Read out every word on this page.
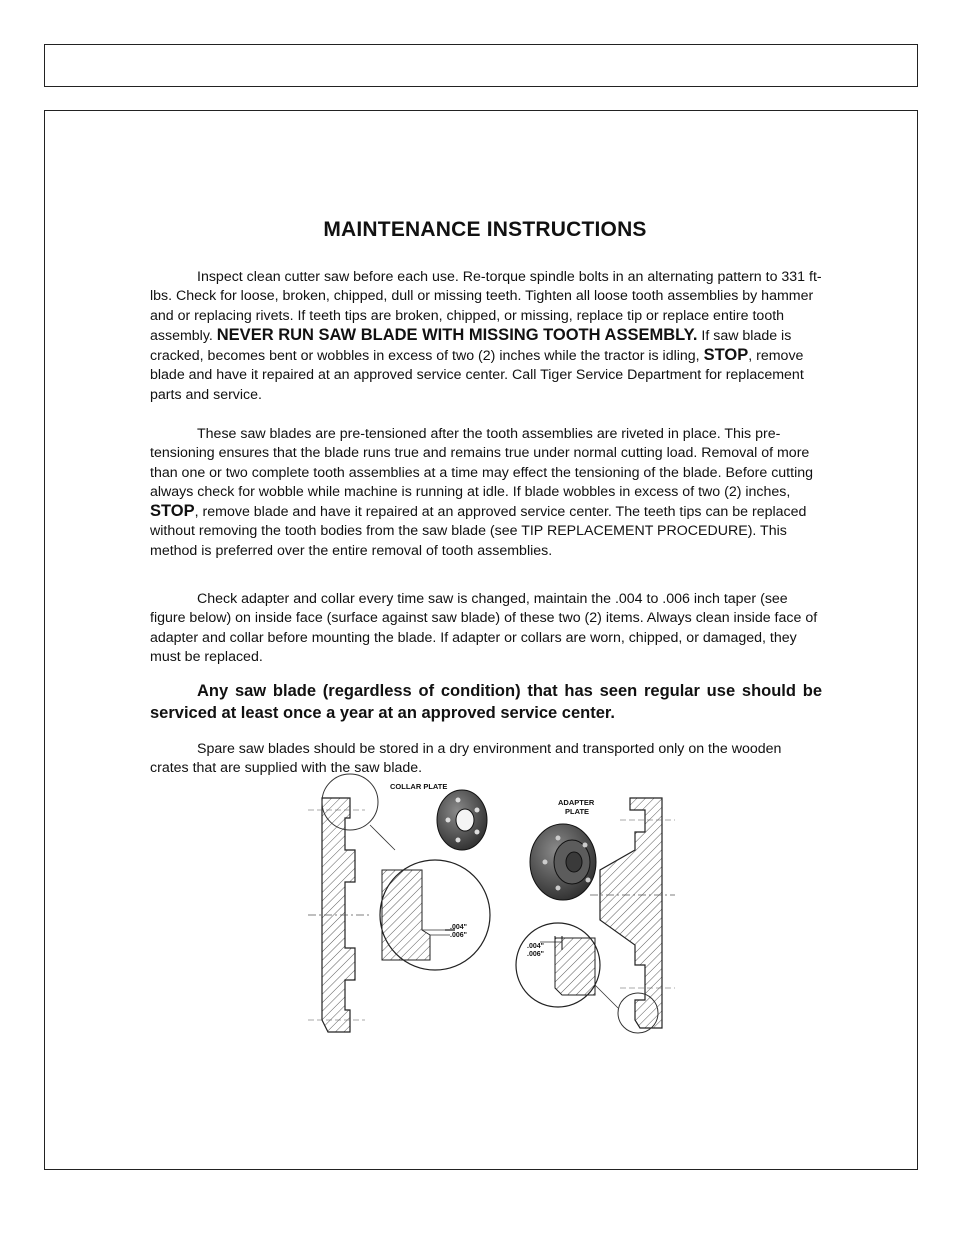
MAINTENANCE INSTRUCTIONS

Inspect clean cutter saw before each use. Re-torque spindle bolts in an alternating pattern to 331 ft-lbs. Check for loose, broken, chipped, dull or missing teeth. Tighten all loose tooth assemblies by hammer and or replacing rivets. If teeth tips are broken, chipped, or missing, replace tip or replace entire tooth assembly. NEVER RUN SAW BLADE WITH MISSING TOOTH ASSEMBLY. If saw blade is cracked, becomes bent or wobbles in excess of two (2) inches while the tractor is idling, STOP, remove blade and have it repaired at an approved service center. Call Tiger Service Department for replacement parts and service.

These saw blades are pre-tensioned after the tooth assemblies are riveted in place. This pre-tensioning ensures that the blade runs true and remains true under normal cutting load. Removal of more than one or two complete tooth assemblies at a time may effect the tensioning of the blade. Before cutting always check for wobble while machine is running at idle. If blade wobbles in excess of two (2) inches, STOP, remove blade and have it repaired at an approved service center. The teeth tips can be replaced without removing the tooth bodies from the saw blade (see TIP REPLACEMENT PROCEDURE). This method is preferred over the entire removal of tooth assemblies.

Check adapter and collar every time saw is changed, maintain the .004 to .006 inch taper (see figure below) on inside face (surface against saw blade) of these two (2) items. Always clean inside face of adapter and collar before mounting the blade. If adapter or collars are worn, chipped, or damaged, they must be replaced.

Any saw blade (regardless of condition) that has seen regular use should be serviced at least once a year at an approved service center.

Spare saw blades should be stored in a dry environment and transported only on the wooden crates that are supplied with the saw blade.

COLLAR PLATE
.004"
.006"
ADAPTER
PLATE
.004"
.006"
